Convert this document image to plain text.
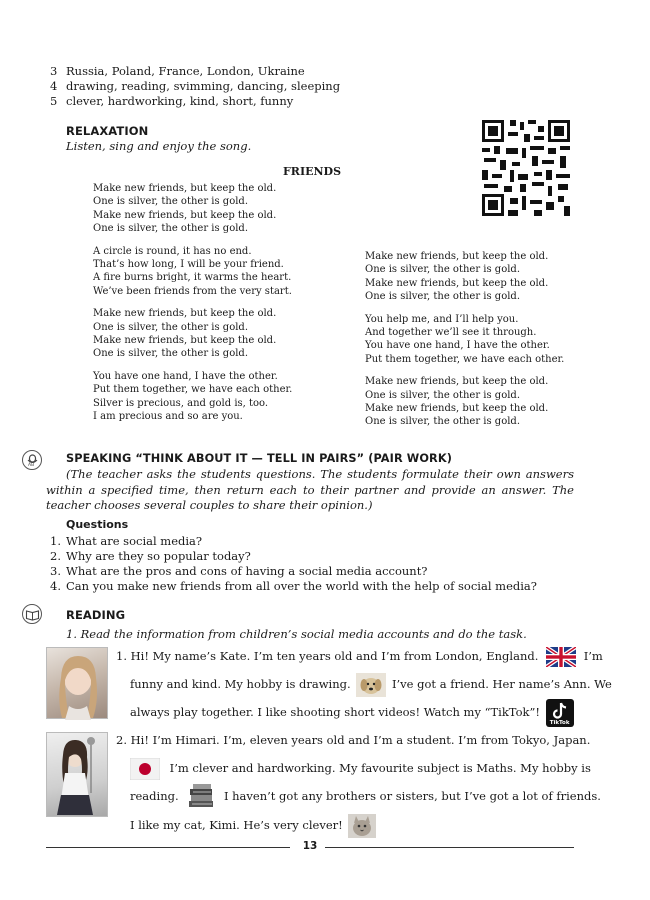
3 Russia, Poland, France, London, Ukraine
4 drawing, reading, svimming, dancing, sleeping
5 clever, hardworking, kind, short, funny
RELAXATION
Listen, sing and enjoy the song.
FRIENDS
Make new friends, but keep the old.
One is silver, the other is gold.
Make new friends, but keep the old.
One is silver, the other is gold.
A circle is round, it has no end.
That’s how long, I will be your friend.
A fire burns bright, it warms the heart.
We’ve been friends from the very start.
Make new friends, but keep the old.
One is silver, the other is gold.
Make new friends, but keep the old.
One is silver, the other is gold.
You have one hand, I have the other.
Put them together, we have each other.
Silver is precious, and gold is, too.
I am precious and so are you.
Make new friends, but keep the old.
One is silver, the other is gold.
Make new friends, but keep the old.
One is silver, the other is gold.
You help me, and I’ll help you.
And together we’ll see it through.
You have one hand, I have the other.
Put them together, we have each other.
Make new friends, but keep the old.
One is silver, the other is gold.
Make new friends, but keep the old.
One is silver, the other is gold.
AB
SPEAKING “THINK ABOUT IT — TELL IN PAIRS” (PAIR WORK)
(The teacher asks the students questions. The students formulate their own answers within a specified time, then return each to their partner and provide an answer. The teacher chooses several couples to share their opinion.)
Questions
1. What are social media?
2. Why are they so popular today?
3. What are the pros and cons of having a social media account?
4. Can you make new friends from all over the world with the help of social media?
READING
1. Read the information from children’s social media accounts and do the task.
1. Hi! My name’s Kate. I’m ten years old and I’m from London, England.	I’m
funny and kind. My hobby is drawing.	I’ve got a friend. Her name’s Ann. We
always play together. I like shooting short videos! Watch my “TikTok”!
TikTok
2. Hi! I’m Himari. I’m, eleven years old and I’m a student. I’m from Tokyo, Japan.
I’m clever and hardworking. My favourite subject is Maths. My hobby is
reading.	I haven’t got any brothers or sisters, but I’ve got a lot of friends.
I like my cat, Kimi. He’s very clever!
13
